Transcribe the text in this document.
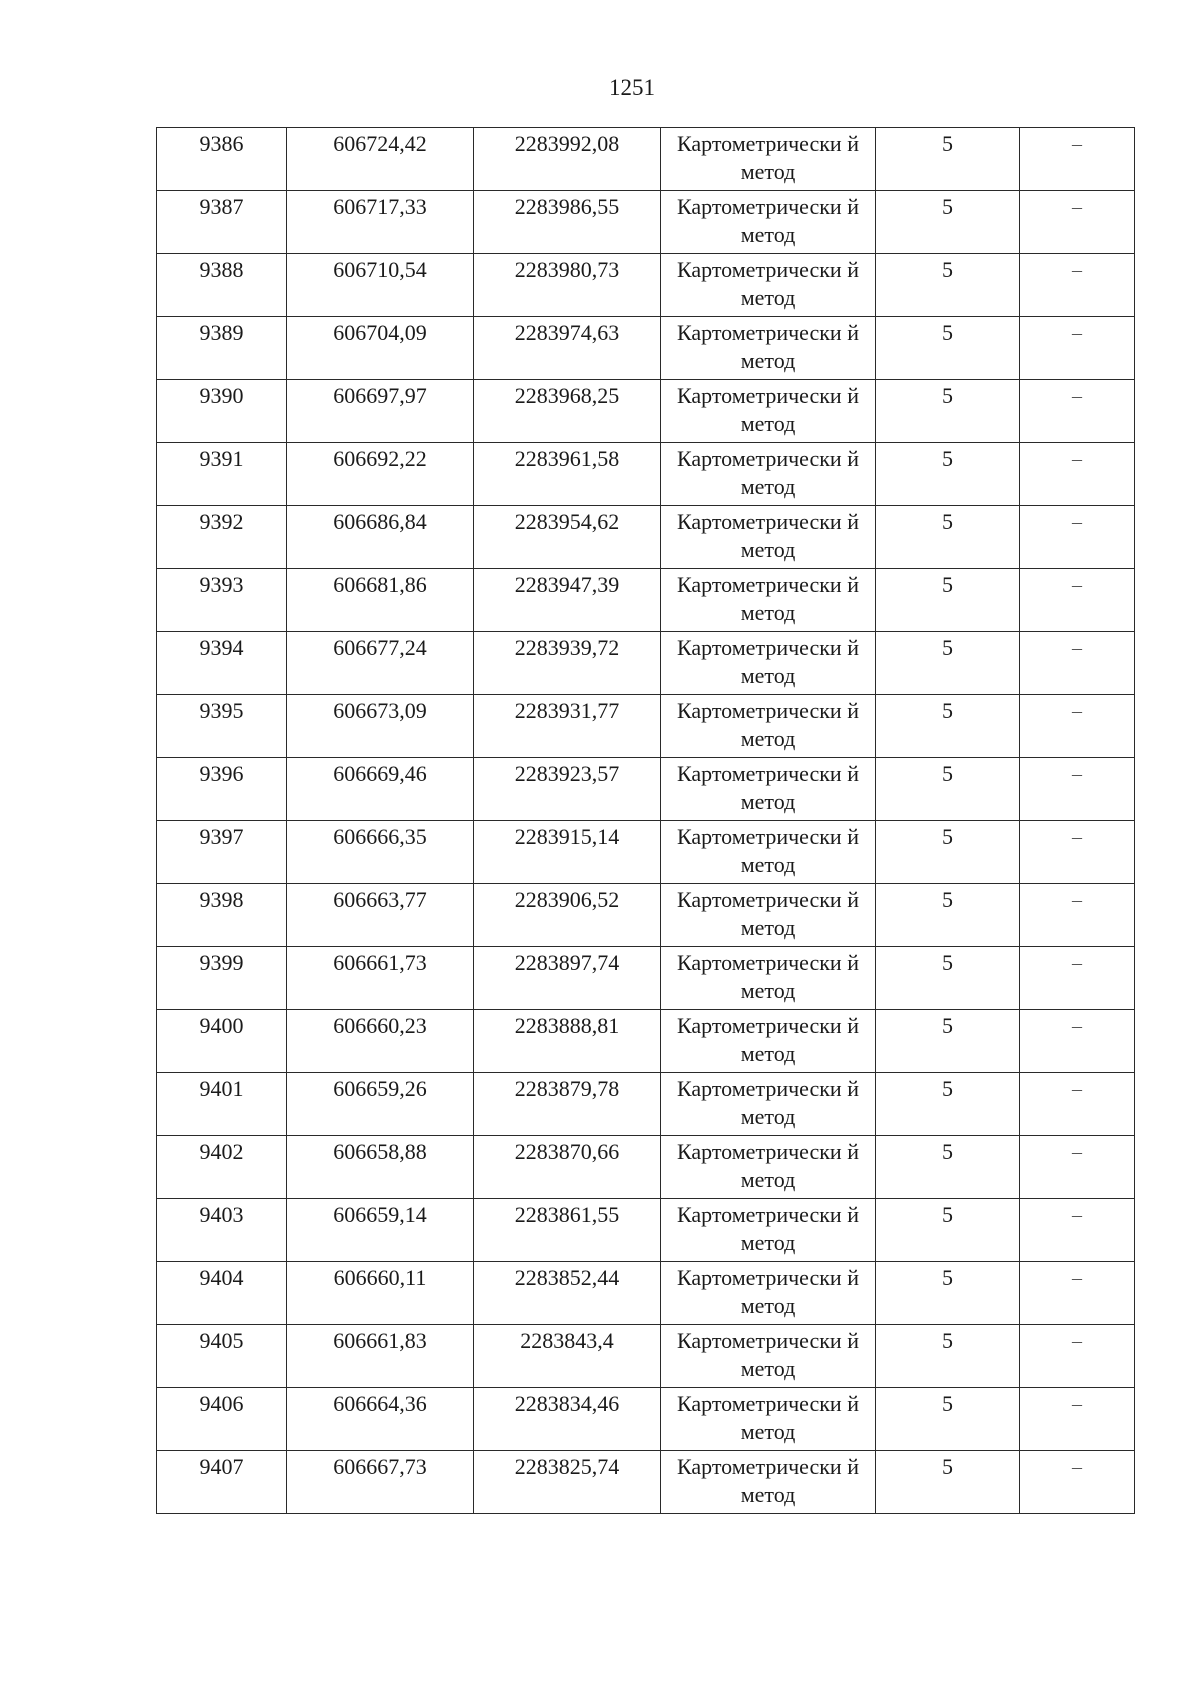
1251
9386	606724,42	2283992,08	Картометрически й метод	5	–

9387	606717,33	2283986,55	Картометрически й метод	5	–

9388	606710,54	2283980,73	Картометрически й метод	5	–

9389	606704,09	2283974,63	Картометрически й метод	5	–

9390	606697,97	2283968,25	Картометрически й метод	5	–

9391	606692,22	2283961,58	Картометрически й метод	5	–

9392	606686,84	2283954,62	Картометрически й метод	5	–

9393	606681,86	2283947,39	Картометрически й метод	5	–

9394	606677,24	2283939,72	Картометрически й метод	5	–

9395	606673,09	2283931,77	Картометрически й метод	5	–

9396	606669,46	2283923,57	Картометрически й метод	5	–

9397	606666,35	2283915,14	Картометрически й метод	5	–

9398	606663,77	2283906,52	Картометрически й метод	5	–

9399	606661,73	2283897,74	Картометрически й метод	5	–

9400	606660,23	2283888,81	Картометрически й метод	5	–

9401	606659,26	2283879,78	Картометрически й метод	5	–

9402	606658,88	2283870,66	Картометрически й метод	5	–

9403	606659,14	2283861,55	Картометрически й метод	5	–

9404	606660,11	2283852,44	Картометрически й метод	5	–

9405	606661,83	2283843,4	Картометрически й метод	5	–

9406	606664,36	2283834,46	Картометрически й метод	5	–

9407	606667,73	2283825,74	Картометрически й метод	5	–
